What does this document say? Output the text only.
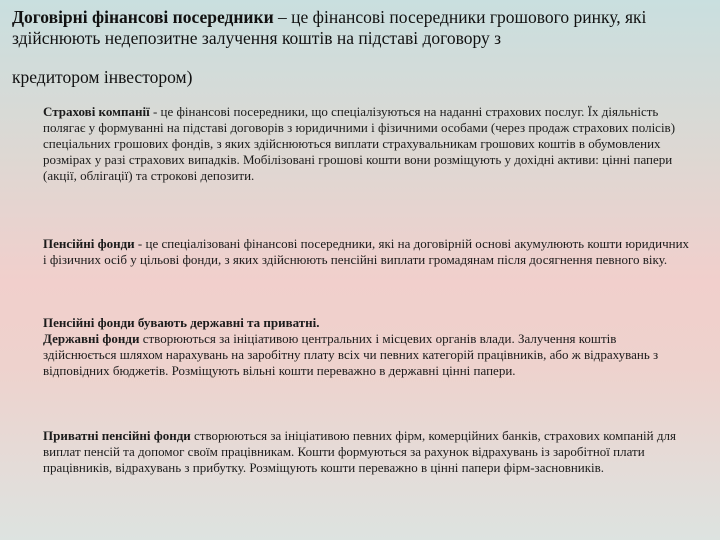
Договірні фінансові посередники – це фінансові посередники грошового ринку, які здійснюють недепозитне залучення коштів на підставі договору з
кредитором інвестором)
Страхові компанії - це фінансові посередники, що спеціалізуються на наданні страхових послуг. Їх діяльність полягає у формуванні на підставі договорів з юридичними і фізичними особами (через продаж страхових полісів) спеціальних грошових фондів, з яких здійснюються виплати страхувальникам грошових коштів в обумовлених розмірах у разі страхових випадків. Мобілізовані грошові кошти вони розміщують у дохідні активи: цінні папери (акції, облігації) та строкові депозити.
Пенсійні фонди - це спеціалізовані фінансові посередники, які на договірній основі акумулюють кошти юридичних і фізичних осіб у цільові фонди, з яких здійснюють пенсійні виплати громадянам після досягнення певного віку.
Пенсійні фонди бувають державні та приватні.
Державні фонди створюються за ініціативою центральних і місцевих органів влади. Залучення коштів здійснюється шляхом нарахувань на заробітну плату всіх чи певних категорій працівників, або ж відрахувань з відповідних бюджетів. Розміщують вільні кошти переважно в державні цінні папери.
Приватні пенсійні фонди створюються за ініціативою певних фірм, комерційних банків, страхових компаній для виплат пенсій та допомог своїм працівникам. Кошти формуються за рахунок відрахувань із заробітної плати працівників, відрахувань з прибутку. Розміщують кошти переважно в цінні папери фірм-засновників.
